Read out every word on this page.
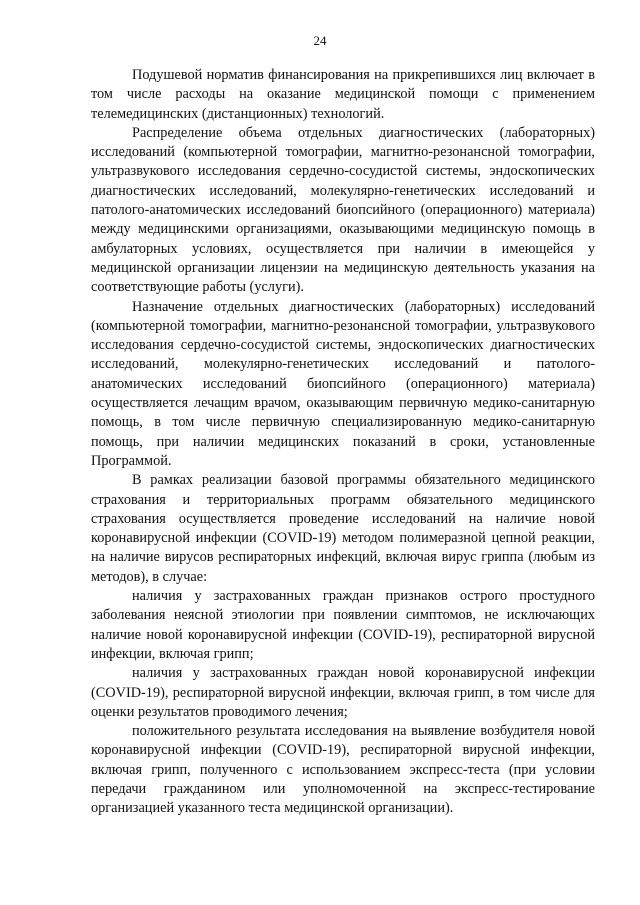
24

Подушевой норматив финансирования на прикрепившихся лиц включает в том числе расходы на оказание медицинской помощи с применением телемедицинских (дистанционных) технологий.

Распределение объема отдельных диагностических (лабораторных) исследований (компьютерной томографии, магнитно-резонансной томографии, ультразвукового исследования сердечно-сосудистой системы, эндоскопических диагностических исследований, молекулярно-генетических исследований и патолого-анатомических исследований биопсийного (операционного) материала) между медицинскими организациями, оказывающими медицинскую помощь в амбулаторных условиях, осуществляется при наличии в имеющейся у медицинской организации лицензии на медицинскую деятельность указания на соответствующие работы (услуги).

Назначение отдельных диагностических (лабораторных) исследований (компьютерной томографии, магнитно-резонансной томографии, ультразвукового исследования сердечно-сосудистой системы, эндоскопических диагностических исследований, молекулярно-генетических исследований и патолого-анатомических исследований биопсийного (операционного) материала) осуществляется лечащим врачом, оказывающим первичную медико-санитарную помощь, в том числе первичную специализированную медико-санитарную помощь, при наличии медицинских показаний в сроки, установленные Программой.

В рамках реализации базовой программы обязательного медицинского страхования и территориальных программ обязательного медицинского страхования осуществляется проведение исследований на наличие новой коронавирусной инфекции (COVID-19) методом полимеразной цепной реакции, на наличие вирусов респираторных инфекций, включая вирус гриппа (любым из методов), в случае:

наличия у застрахованных граждан признаков острого простудного заболевания неясной этиологии при появлении симптомов, не исключающих наличие новой коронавирусной инфекции (COVID-19), респираторной вирусной инфекции, включая грипп;

наличия у застрахованных граждан новой коронавирусной инфекции (COVID-19), респираторной вирусной инфекции, включая грипп, в том числе для оценки результатов проводимого лечения;

положительного результата исследования на выявление возбудителя новой коронавирусной инфекции (COVID-19), респираторной вирусной инфекции, включая грипп, полученного с использованием экспресс-теста (при условии передачи гражданином или уполномоченной на экспресс-тестирование организацией указанного теста медицинской организации).
